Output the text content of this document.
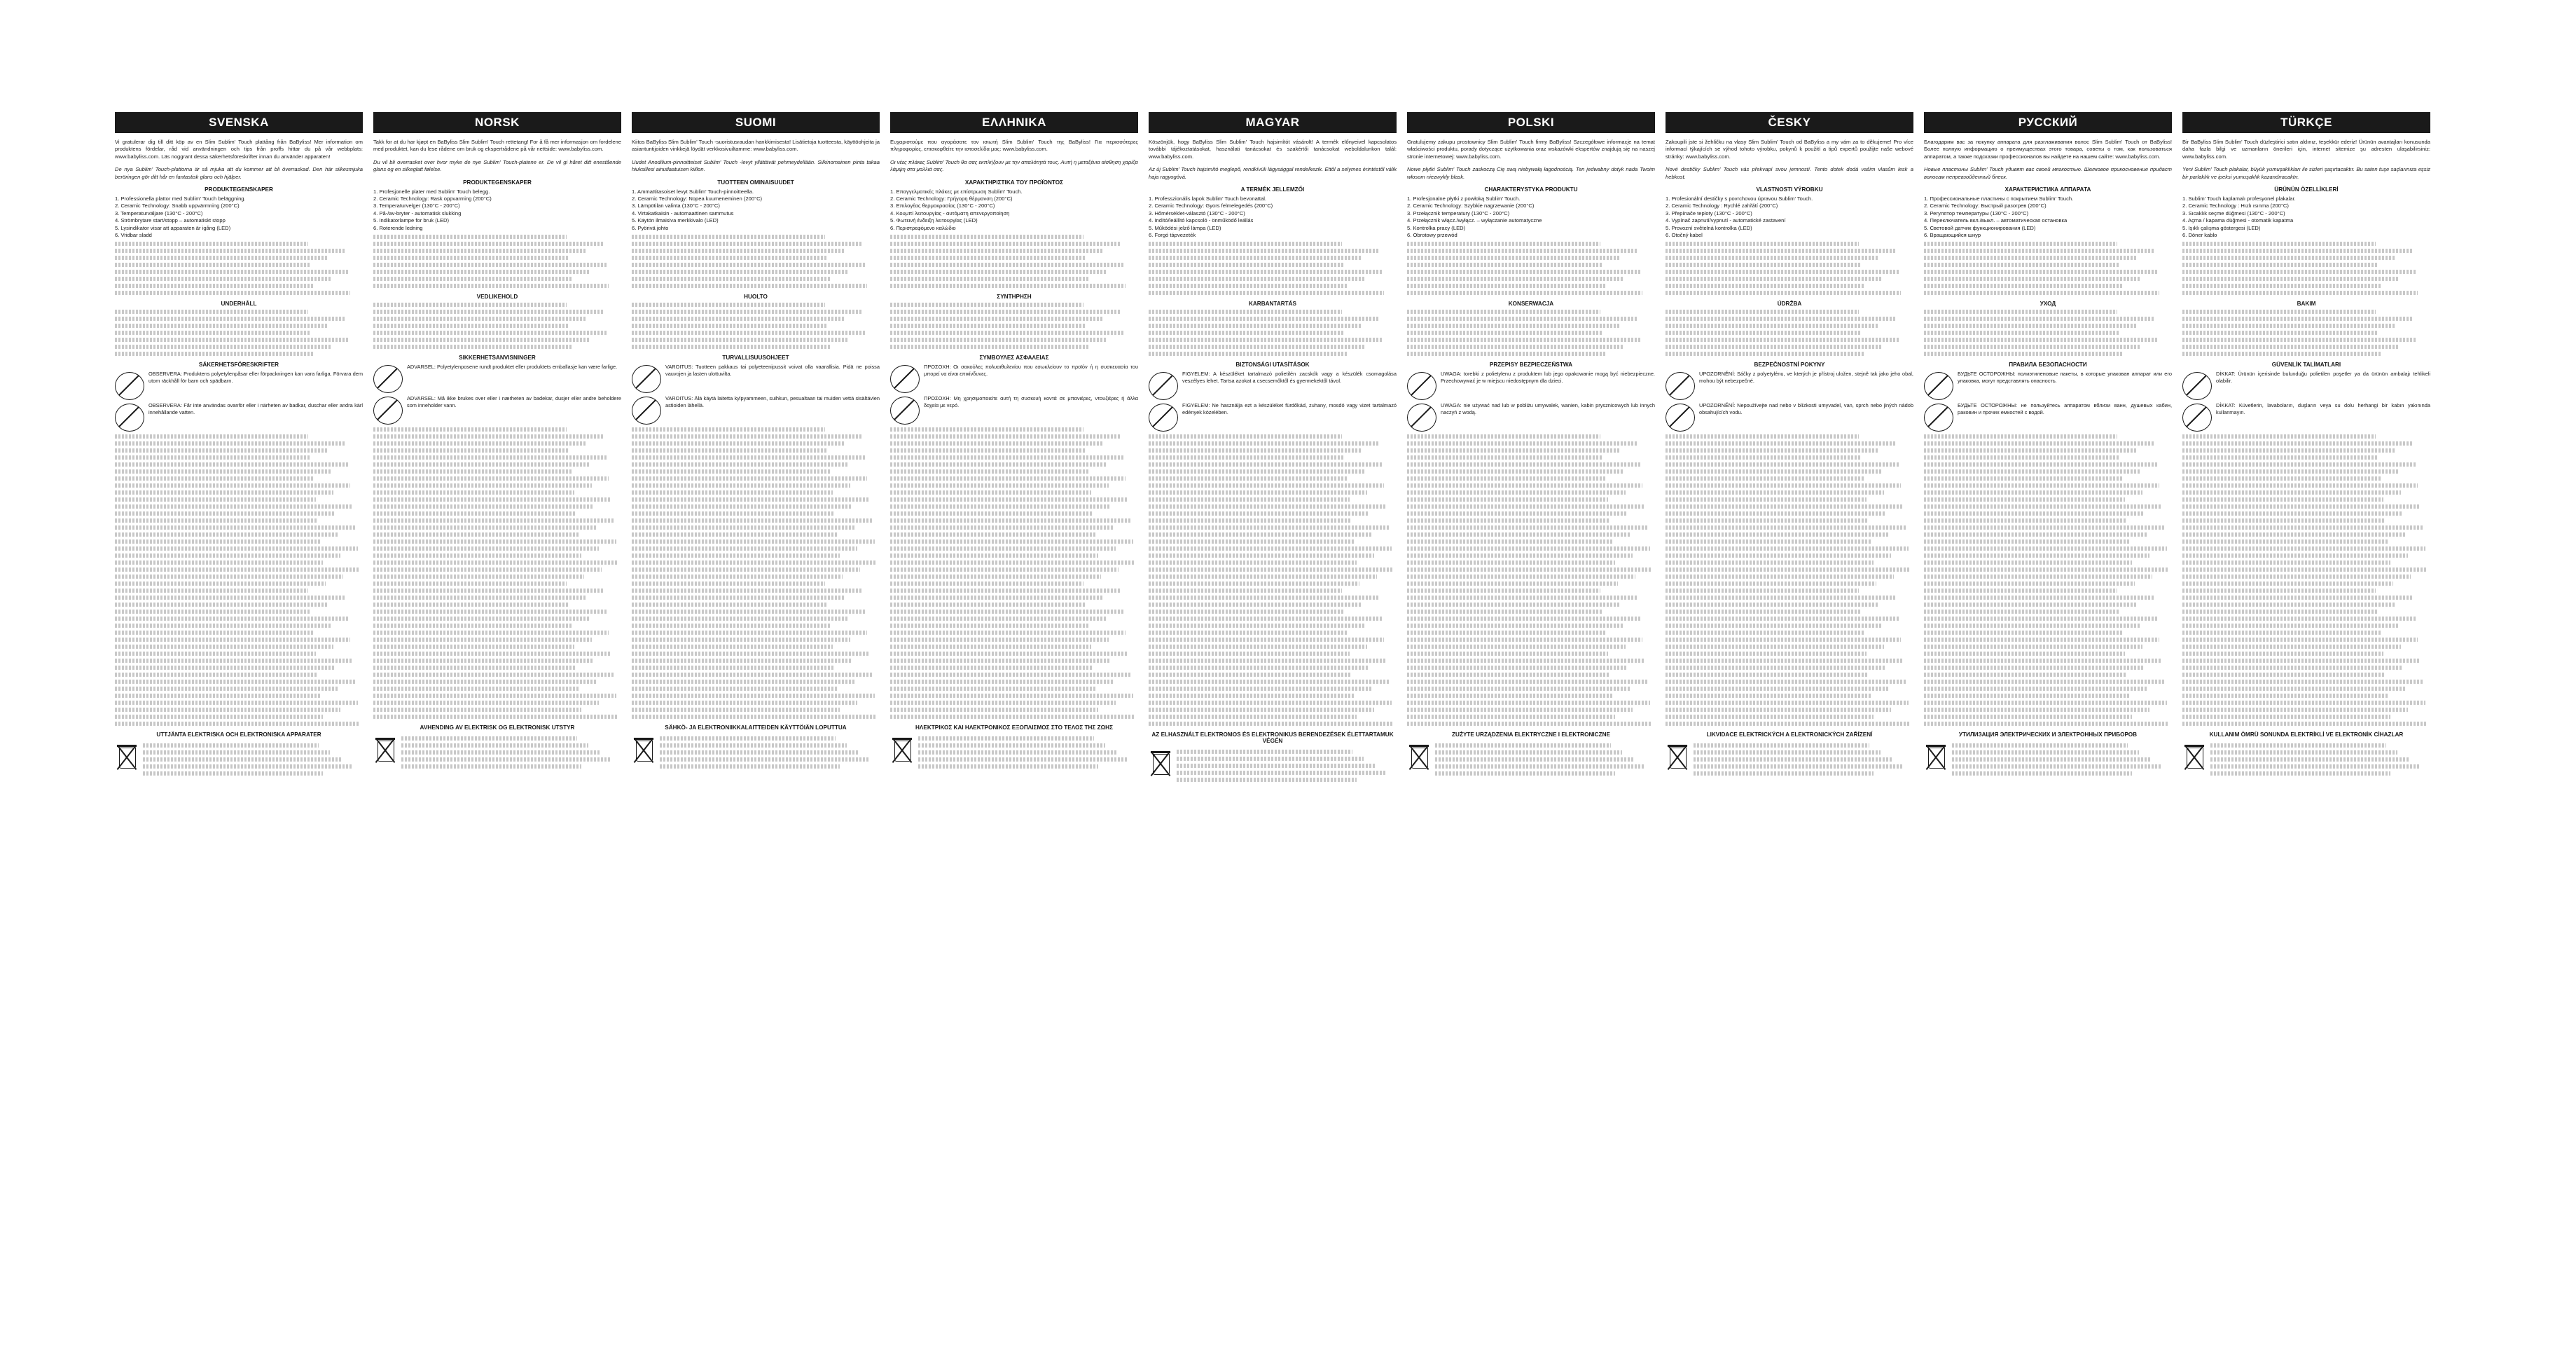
SVENSKA

Vi gratulerar dig till ditt köp av en Slim Sublim' Touch plattång från BaByliss! Mer information om produktens fördelar, råd vid användningen och tips från proffs hittar du på vår webbplats: www.babyliss.com. Läs noggrant dessa säkerhetsföreskrifter innan du använder apparaten!

De nya Sublim' Touch-plattorna är så mjuka att du kommer att bli överraskad. Den här silkesmjuka beröringen gör ditt hår en fantastisk glans och hjälper.

PRODUKTEGENSKAPER
1. Professionella plattor med Sublim' Touch beläggning.
2. Ceramic Technology: Snabb uppvärmning (200°C)
3. Temperaturväljare (130°C - 200°C)
4. Strömbrytare start/stopp – automatiskt stopp
5. Lysindikator visar att apparaten är igång (LED)
6. Vridbar sladd
UNDERHÅLL
SÄKERHETSFÖRESKRIFTER
OBSERVERA: Produktens polyetylenpåsar eller förpackningen kan vara farliga. Förvara dem utom räckhåll för barn och spädbarn.
OBSERVERA: Får inte användas ovanför eller i närheten av badkar, duschar eller andra kärl innehållande vatten.
UTTJÄNTA ELEKTRISKA OCH ELEKTRONISKA APPARATER
NORSK

Takk for at du har kjøpt en BaByliss Slim Sublim' Touch rettetang! For å få mer informasjon om fordelene med produktet, kan du lese rådene om bruk og ekspertrådene på vår nettside: www.babyliss.com.

Du vil bli overrasket over hvor myke de nye Sublim' Touch-platene er. De vil gi håret ditt enestående glans og en silkeglatt følelse.

PRODUKTEGENSKAPER
1. Profesjonelle plater med Sublim' Touch belegg.
2. Ceramic Technology: Rask oppvarming (200°C)
3. Temperaturvelger (130°C - 200°C)
4. På-/av-bryter - automatisk slukking
5. Indikatorlampe for bruk (LED)
6. Roterende ledning
VEDLIKEHOLD
SIKKERHETSANVISNINGER
ADVARSEL: Polyetylenposene rundt produktet eller produktets emballasje kan være farlige.
ADVARSEL: Må ikke brukes over eller i nærheten av badekar, dusjer eller andre beholdere som inneholder vann.
AVHENDING AV ELEKTRISK OG ELEKTRONISK UTSTYR
SUOMI

Kiitos BaByliss Slim Sublim' Touch -suoristusraudan hankkimisesta! Lisätietoja tuotteesta, käyttöohjeita ja asiantuntijoiden vinkkejä löydät verkkosivuiltamme: www.babyliss.com.

Uudet Anodilium-pinnoitteiset Sublim' Touch -levyt yllättävät pehmeydellään. Silkinomainen pinta takaa hiuksillesi ainutlaatuisen kiillon.

TUOTTEEN OMINAISUUDET
1. Ammattitasoiset levyt Sublim' Touch-pinnoitteella.
2. Ceramic Technology: Nopea kuumeneminen (200°C)
3. Lämpötilan valinta (130°C - 200°C)
4. Virtakatkaisin - automaattinen sammutus
5. Käytön ilmaisiva merkkivalo (LED)
6. Pyörivä johto
HUOLTO
TURVALLISUUSOHJEET
VAROITUS: Tuotteen pakkaus tai polyeteenipussit voivat olla vaarallisia. Pidä ne poissa vauvojen ja lasten ulottuvilta.
VAROITUS: Älä käytä laitetta kylpyammeen, suihkun, pesualtaan tai muiden vettä sisältävien astioiden lähellä.
SÄHKÖ- JA ELEKTRONIIKKALAITTEIDEN KÄYTTÖIÄN LOPUTTUA
ΕΛΛΗΝΙΚΑ

Ευχαριστούμε που αγοράσατε τον ισιωτή Slim Sublim' Touch της BaByliss! Για περισσότερες πληροφορίες, επισκεφθείτε την ιστοσελίδα μας: www.babyliss.com.

Οι νέες πλάκες Sublim' Touch θα σας εκπλήξουν με την απαλότητά τους. Αυτή η μεταξένια αίσθηση χαρίζει λάμψη στα μαλλιά σας.

ΧΑΡΑΚΤΗΡΙΣΤΙΚΑ ΤΟΥ ΠΡΟΪΟΝΤΟΣ
1. Επαγγελματικές πλάκες με επίστρωση Sublim' Touch.
2. Ceramic Technology: Γρήγορη θέρμανση (200°C)
3. Επιλογέας θερμοκρασίας (130°C - 200°C)
4. Κουμπί λειτουργίας - αυτόματη απενεργοποίηση
5. Φωτεινή ένδειξη λειτουργίας (LED)
6. Περιστρεφόμενο καλώδιο
ΣΥΝΤΗΡΗΣΗ
ΣΥΜΒΟΥΛΕΣ ΑΣΦΑΛΕΙΑΣ
ΠΡΟΣΟΧΗ: Οι σακούλες πολυαιθυλενίου που εσωκλείουν το προϊόν ή η συσκευασία του μπορεί να είναι επικίνδυνες.
ΠΡΟΣΟΧΗ: Μη χρησιμοποιείτε αυτή τη συσκευή κοντά σε μπανιέρες, ντουζιέρες ή άλλα δοχεία με νερό.
ΗΛΕΚΤΡΙΚΟΣ ΚΑΙ ΗΛΕΚΤΡΟΝΙΚΟΣ ΕΞΟΠΛΙΣΜΟΣ ΣΤΟ ΤΕΛΟΣ ΤΗΣ ΖΩΗΣ
MAGYAR

Köszönjük, hogy BaByliss Slim Sublim' Touch hajsimítót vásárolt! A termék előnyeivel kapcsolatos további tájékoztatásokat, használati tanácsokat és szakértői tanácsokat weboldalunkon talál: www.babyliss.com.

Az új Sublim' Touch hajsimító meglepő, rendkívüli lágysággal rendelkezik. Ettől a selymes érintéstől válik haja ragyogóvá.

A TERMÉK JELLEMZŐI
1. Professzionális lapok Sublim' Touch bevonattal.
2. Ceramic Technology: Gyors felmelegedés (200°C)
3. Hőmérséklet-választó (130°C - 200°C)
4. Indító/leállító kapcsoló - önműködő leállás
5. Működési jelző lámpa (LED)
6. Forgó tápvezeték
KARBANTARTÁS
BIZTONSÁGI UTASÍTÁSOK
FIGYELEM: A készüléket tartalmazó polietilén zacskók vagy a készülék csomagolása veszélyes lehet. Tartsa azokat a csecsemőktől és gyermekektől távol.
FIGYELEM: Ne használja ezt a készüléket fürdőkád, zuhany, mosdó vagy vizet tartalmazó edények közelében.
AZ ELHASZNÁLT ELEKTROMOS ÉS ELEKTRONIKUS BERENDEZÉSEK ÉLETTARTAMUK VÉGÉN
POLSKI

Gratulujemy zakupu prostownicy Slim Sublim' Touch firmy BaByliss! Szczegółowe informacje na temat właściwości produktu, porady dotyczące użytkowania oraz wskazówki ekspertów znajdują się na naszej stronie internetowej: www.babyliss.com.

Nowe płytki Sublim' Touch zaskoczą Cię swą niebywałą łagodnością. Ten jedwabny dotyk nada Twoim włosom niezwykły blask.

CHARAKTERYSTYKA PRODUKTU
1. Profesjonalne płytki z powłoką Sublim' Touch.
2. Ceramic Technology: Szybkie nagrzewanie (200°C)
3. Przełącznik temperatury (130°C - 200°C)
4. Przełącznik włącz./wyłącz. – wyłączanie automatyczne
5. Kontrolka pracy (LED)
6. Obrotowy przewód
KONSERWACJA
PRZEPISY BEZPIECZEŃSTWA
UWAGA: torebki z polietylenu z produktem lub jego opakowanie mogą być niebezpieczne. Przechowywać je w miejscu niedostępnym dla dzieci.
UWAGA: nie używać nad lub w pobliżu umywalek, wanien, kabin prysznicowych lub innych naczyń z wodą.
ZUŻYTE URZĄDZENIA ELEKTRYCZNE I ELEKTRONICZNE
ČESKY

Zakoupili jste si žehličku na vlasy Slim Sublim' Touch od BaByliss a my vám za to děkujeme! Pro více informací týkajících se výhod tohoto výrobku, pokynů k použití a tipů expertů použijte naše webové stránky: www.babyliss.com.

Nové destičky Sublim' Touch vás překvapí svou jemností. Tento dotek dodá vašim vlasům lesk a hebkost.

VLASTNOSTI VÝROBKU
1. Profesionální destičky s povrchovou úpravou Sublim' Touch.
2. Ceramic Technology : Rychlé zahřátí (200°C)
3. Přepínače teploty (130°C - 200°C)
4. Vypínač zapnutí/vypnutí - automatické zastavení
5. Provozní světelná kontrolka (LED)
6. Otočný kabel
ÚDRŽBA
BEZPEČNOSTNÍ POKYNY
UPOZORNĚNÍ: Sáčky z polyetylénu, ve kterých je přístroj uložen, stejně tak jako jeho obal, mohou být nebezpečné.
UPOZORNĚNÍ: Nepoužívejte nad nebo v blízkosti umyvadel, van, sprch nebo jiných nádob obsahujících vodu.
LIKVIDACE ELEKTRICKÝCH A ELEKTRONICKÝCH ZAŘÍZENÍ
РУССКИЙ

Благодарим вас за покупку аппарата для разглаживания волос Slim Sublim' Touch от BaByliss! Более полную информацию о преимуществах этого товара, советы о том, как пользоваться аппаратом, а также подсказки профессионалов вы найдете на нашем сайте: www.babyliss.com.

Новые пластины Sublim' Touch удивят вас своей мягкостью. Шелковое прикосновение придаст волосам непревзойденный блеск.

ХАРАКТЕРИСТИКА АППАРАТА
1. Профессиональные пластины с покрытием Sublim' Touch.
2. Ceramic Technology: Быстрый разогрев (200°C)
3. Регулятор температуры (130°C - 200°C)
4. Переключатель вкл./выкл. – автоматическая остановка
5. Световой датчик функционирования (LED)
6. Вращающийся шнур
УХОД
ПРАВИЛА БЕЗОПАСНОСТИ
БУДЬТЕ ОСТОРОЖНЫ: полиэтиленовые пакеты, в которые упакован аппарат или его упаковка, могут представлять опасность.
БУДЬТЕ ОСТОРОЖНЫ: не пользуйтесь аппаратом вблизи ванн, душевых кабин, раковин и прочих емкостей с водой.
УТИЛИЗАЦИЯ ЭЛЕКТРИЧЕСКИХ И ЭЛЕКТРОННЫХ ПРИБОРОВ
TÜRKÇE

Bir BaByliss Slim Sublim' Touch düzleştirici satın aldınız, teşekkür ederiz! Ürünün avantajları konusunda daha fazla bilgi ve uzmanların önerileri için, internet sitemize şu adresten ulaşabilirsiniz: www.babyliss.com.

Yeni Sublim' Touch plakalar, büyük yumuşaklıkları ile sizleri şaşırtacaktır. Bu saten tuşe saçlarınıza eşsiz bir parlaklık ve ipeksi yumuşaklık kazandıracaktır.

ÜRÜNÜN ÖZELLİKLERİ
1. Sublim' Touch kaplamalı profesyonel plakalar.
2. Ceramic Technology : Hızlı ısınma (200°C)
3. Sıcaklık seçme düğmesi (130°C - 200°C)
4. Açma / kapama düğmesi - otomatik kapatma
5. Işıklı çalışma göstergesi (LED)
6. Döner kablo
BAKIM
GÜVENLİK TALİMATLARI
DİKKAT: Ürünün içerisinde bulunduğu polietilen poşetler ya da ürünün ambalajı tehlikeli olabilir.
DİKKAT: Küvetlerin, lavaboların, duşların veya su dolu herhangi bir kabın yakınında kullanmayın.
KULLANIM ÖMRÜ SONUNDA ELEKTRİKLİ VE ELEKTRONİK CİHAZLAR
